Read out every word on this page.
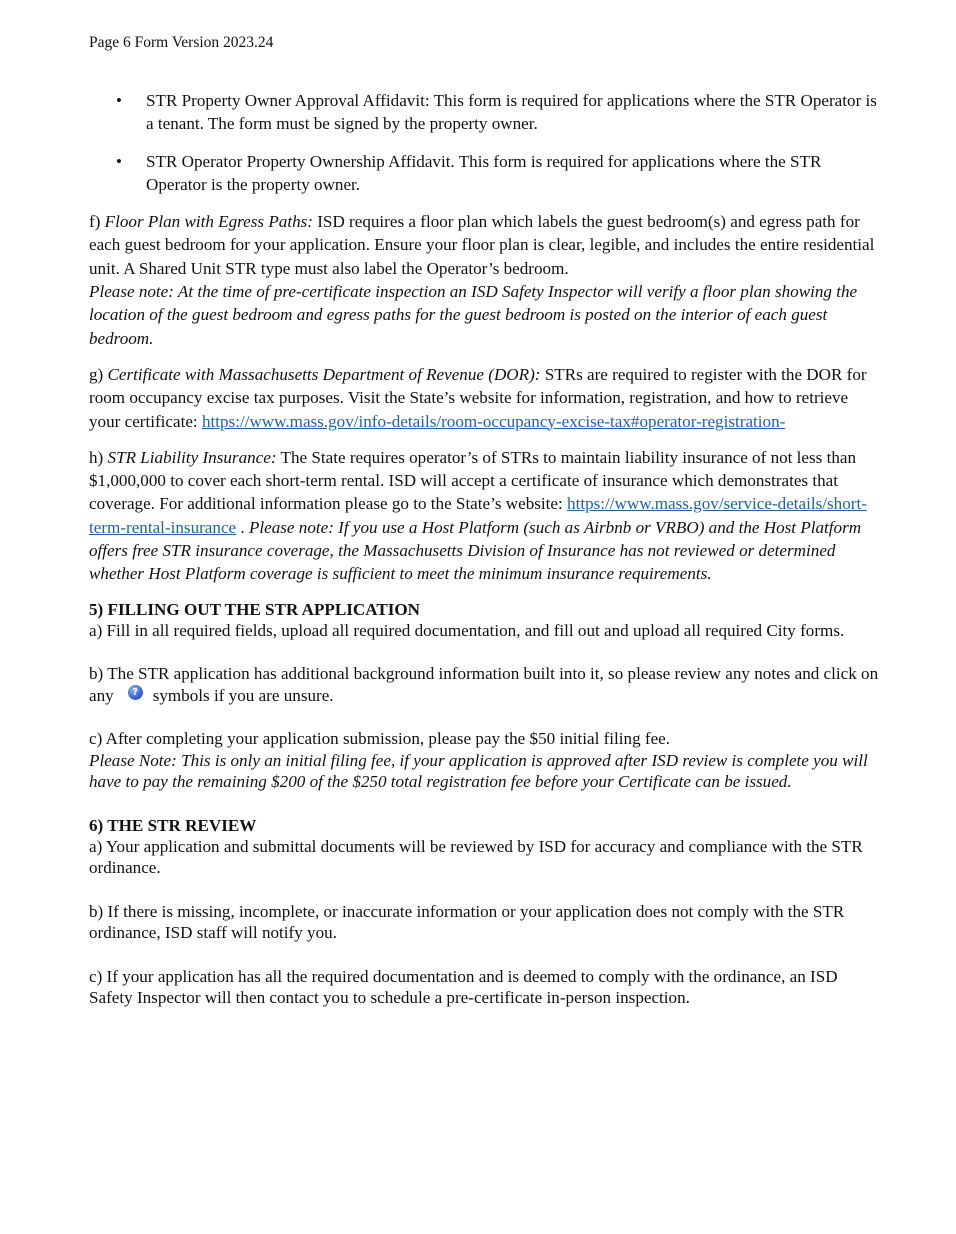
Page 6 Form Version 2023.24
• STR Property Owner Approval Affidavit: This form is required for applications where the STR Operator is a tenant. The form must be signed by the property owner.
• STR Operator Property Ownership Affidavit. This form is required for applications where the STR Operator is the property owner.

f) Floor Plan with Egress Paths: ISD requires a floor plan which labels the guest bedroom(s) and egress path for each guest bedroom for your application. Ensure your floor plan is clear, legible, and includes the entire residential unit. A Shared Unit STR type must also label the Operator’s bedroom.
Please note: At the time of pre-certificate inspection an ISD Safety Inspector will verify a floor plan showing the location of the guest bedroom and egress paths for the guest bedroom is posted on the interior of each guest bedroom.

g) Certificate with Massachusetts Department of Revenue (DOR): STRs are required to register with the DOR for room occupancy excise tax purposes. Visit the State’s website for information, registration, and how to retrieve your certificate: https://www.mass.gov/info-details/room-occupancy-excise-tax#operator-registration-

h) STR Liability Insurance: The State requires operator’s of STRs to maintain liability insurance of not less than $1,000,000 to cover each short-term rental. ISD will accept a certificate of insurance which demonstrates that coverage. For additional information please go to the State’s website: https://www.mass.gov/service-details/short-term-rental-insurance . Please note: If you use a Host Platform (such as Airbnb or VRBO) and the Host Platform offers free STR insurance coverage, the Massachusetts Division of Insurance has not reviewed or determined whether Host Platform coverage is sufficient to meet the minimum insurance requirements.

5) FILLING OUT THE STR APPLICATION
a) Fill in all required fields, upload all required documentation, and fill out and upload all required City forms.
b) The STR application has additional background information built into it, so please review any notes and click on any ? symbols if you are unsure.
c) After completing your application submission, please pay the $50 initial filing fee.
Please Note: This is only an initial filing fee, if your application is approved after ISD review is complete you will have to pay the remaining $200 of the $250 total registration fee before your Certificate can be issued.
6) THE STR REVIEW
a) Your application and submittal documents will be reviewed by ISD for accuracy and compliance with the STR ordinance.
b) If there is missing, incomplete, or inaccurate information or your application does not comply with the STR ordinance, ISD staff will notify you.
c) If your application has all the required documentation and is deemed to comply with the ordinance, an ISD Safety Inspector will then contact you to schedule a pre-certificate in-person inspection.
